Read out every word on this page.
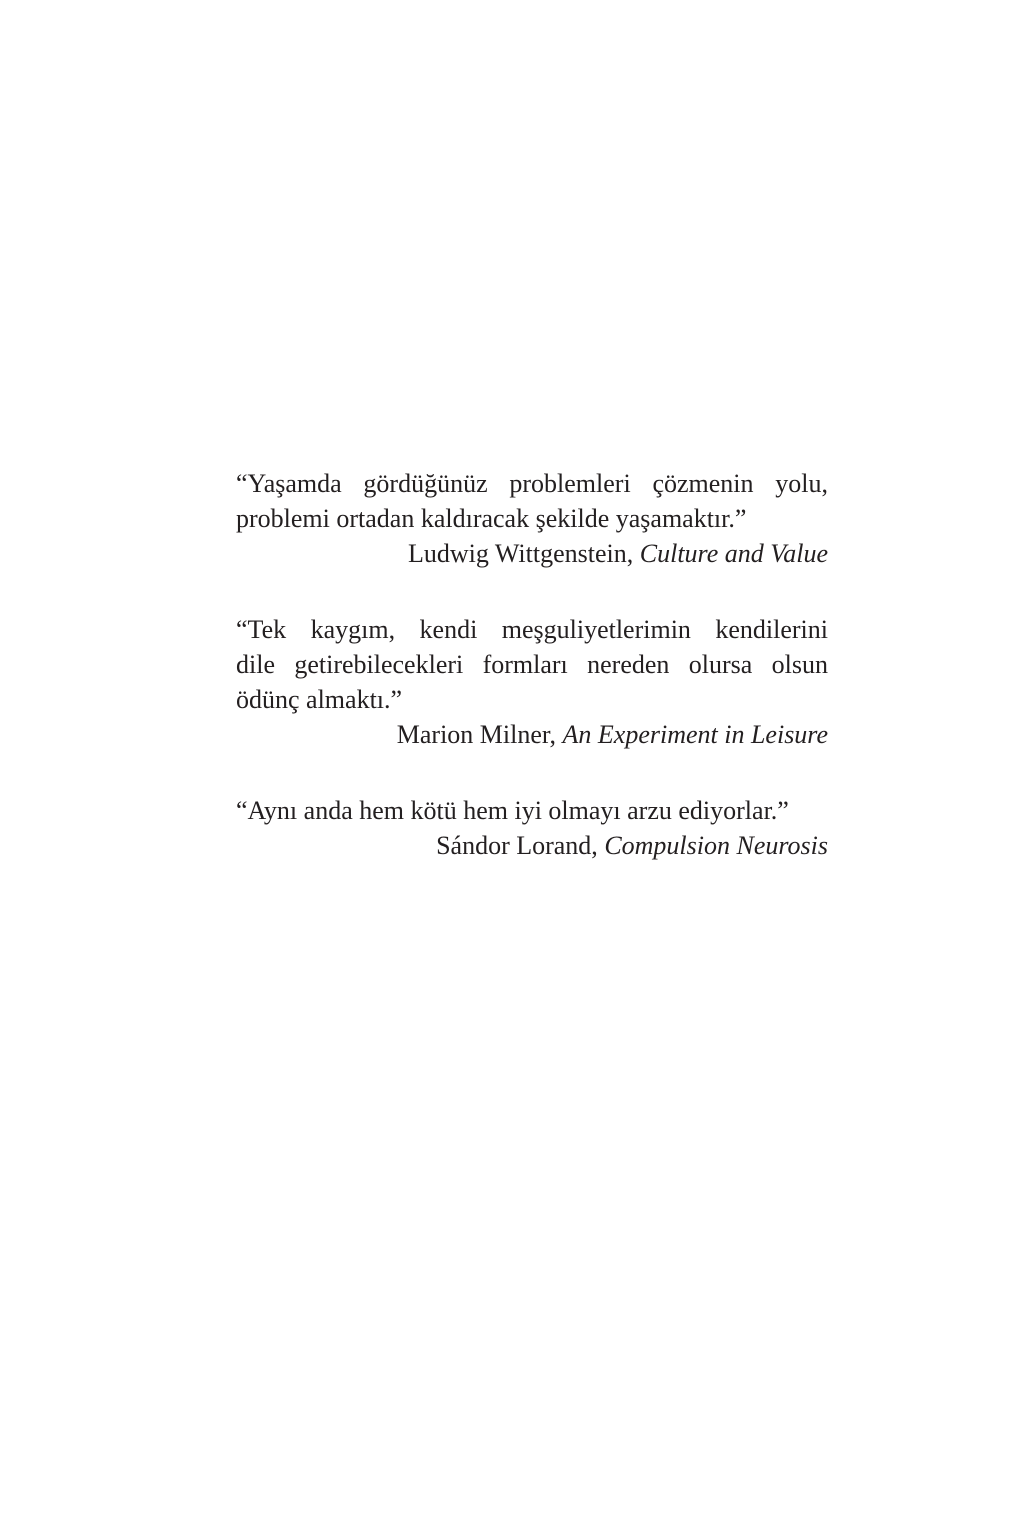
“Yaşamda gördüğünüz problemleri çözmenin yolu,
problemi ortadan kaldıracak şekilde yaşamaktır.”
Ludwig Wittgenstein, Culture and Value
“Tek kaygım, kendi meşguliyetlerimin kendilerini
dile getirebilecekleri formları nereden olursa olsun
ödünç almaktı.”
Marion Milner, An Experiment in Leisure
“Aynı anda hem kötü hem iyi olmayı arzu ediyorlar.”
Sándor Lorand, Compulsion Neurosis
